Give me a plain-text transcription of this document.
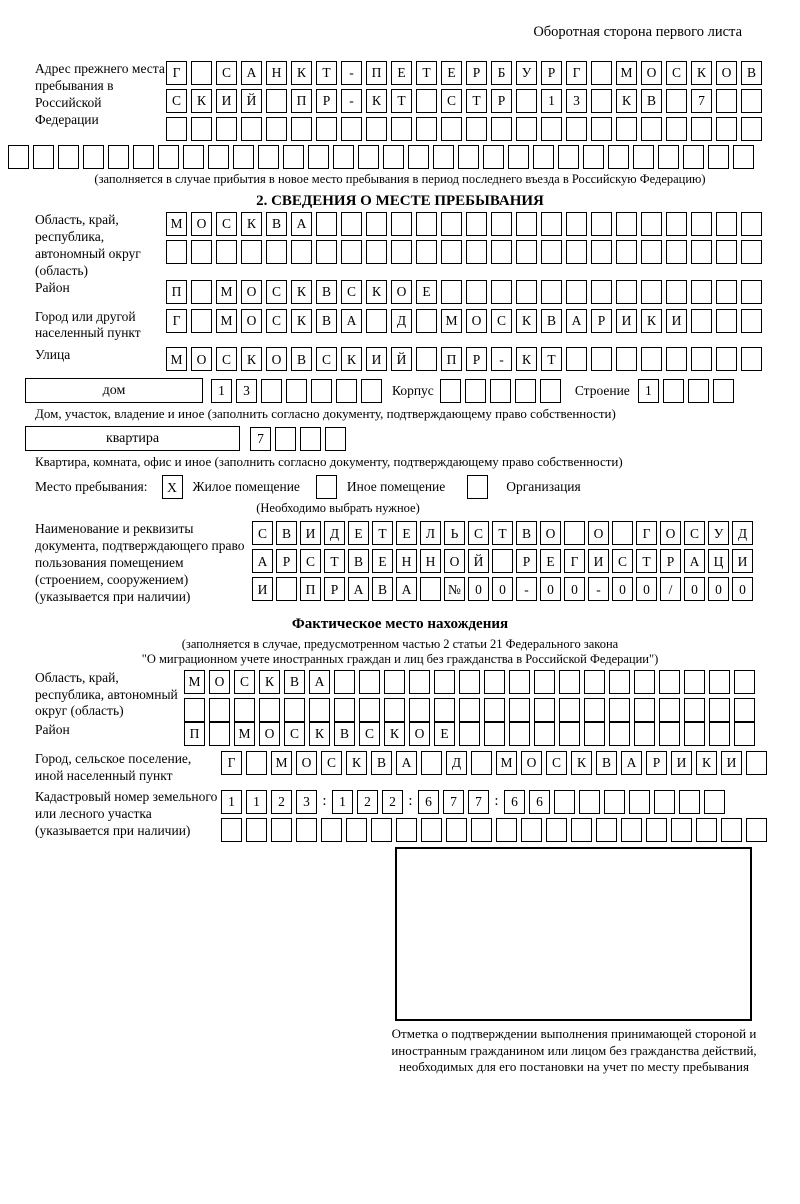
Оборотная сторона первого листа
Адрес прежнего места пребывания в Российской Федерации
Г	С	А	Н	К	Т	-	П	Е	Т	Е	Р	Б	У	Р	Г	М	О	С	К	О	В
С	К	И	Й	П	Р	-	К	Т	С	Т	Р	1	3	К	В	7
(заполняется в случае прибытия в новое место пребывания в период последнего въезда в Российскую Федерацию)
2. СВЕДЕНИЯ О МЕСТЕ ПРЕБЫВАНИЯ
Область, край, республика, автономный округ (область)
М	О	С	К	В	А
Район	П	М	О	С	К	В	С	К	О	Е
Город или другой населенный пункт
Г	М	О	С	К	В	А	Д	М	О	С	К	В	А	Р	И	К	И
Улица	М	О	С	К	О	В	С	К	И	Й	П	Р	-	К	Т
дом	1	3	Корпус	Строение	1
Дом, участок, владение и иное (заполнить согласно документу, подтверждающему право собственности)
квартира	7
Квартира, комната, офис и иное (заполнить согласно документу, подтверждающему право собственности)
Место пребывания:	X	Жилое помещение	Иное помещение	Организация
(Необходимо выбрать нужное)
Наименование и реквизиты документа, подтверждающего право пользования помещением (строением, сооружением) (указывается при наличии)
С	В	И	Д	Е	Т	Е	Л	Ь	С	Т	В	О	О	Г	О	С	У	Д
А	Р	С	Т	В	Е	Н	Н	О	Й	Р	Е	Г	И	С	Т	Р	А	Ц	И
И	П	Р	А	В	А	№	0	0	-	0	0	-	0	0	/	0	0	0
Фактическое место нахождения
(заполняется в случае, предусмотренном частью 2 статьи 21 Федерального закона
"О миграционном учете иностранных граждан и лиц без гражданства в Российской Федерации")
Область, край, республика, автономный округ (область)
М	О	С	К	В	А
Район	П	М	О	С	К	В	С	К	О	Е
Город, сельское поселение, иной населенный пункт
Г	М	О	С	К	В	А	Д	М	О	С	К	В	А	Р	И	К	И
Кадастровый номер земельного или лесного участка (указывается при наличии)
1	1	2	3 : 1	2	2 : 6	7	7 : 6	6
Отметка о подтверждении выполнения принимающей стороной и иностранным гражданином или лицом без гражданства действий, необходимых для его постановки на учет по месту пребывания
